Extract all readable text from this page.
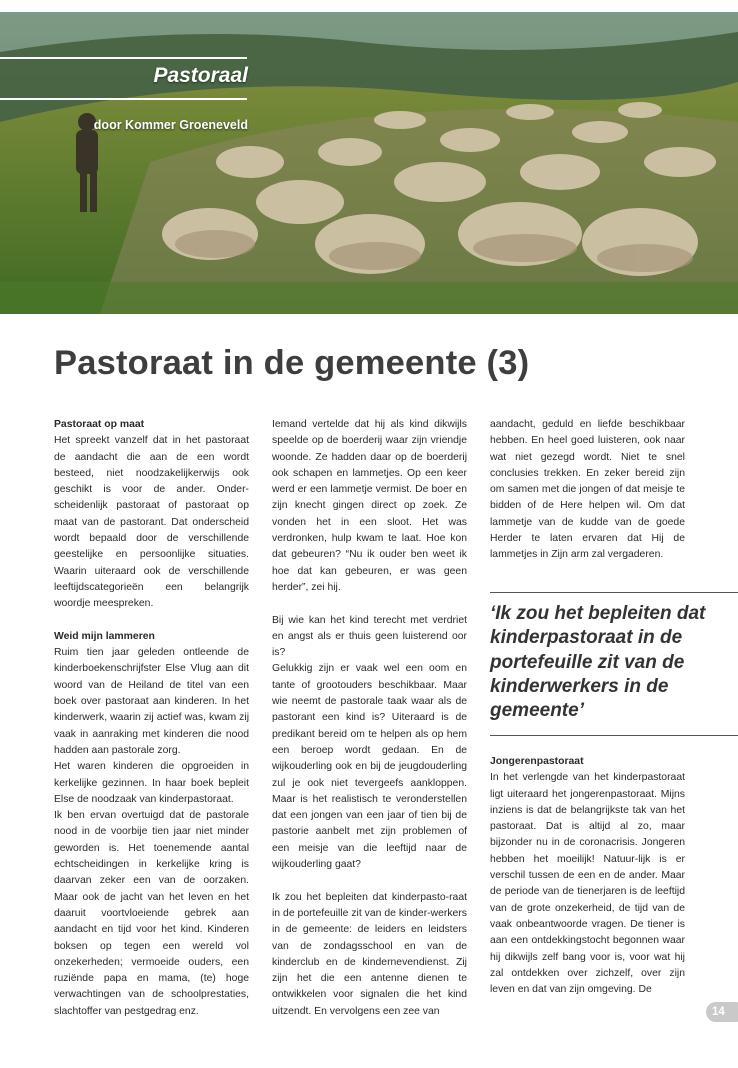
Pastoraal
door Kommer Groeneveld
Pastoraat in de gemeente (3)

Pastoraat op maat

Het spreekt vanzelf dat in het pastoraat de aandacht die aan de een wordt besteed, niet noodzakelijkerwijs ook geschikt is voor de ander. Onder-scheidenlijk pastoraat of pastoraat op maat van de pastorant. Dat onderscheid wordt bepaald door de verschillende geestelijke en persoonlijke situaties. Waarin uiteraard ook de verschillende leeftijdscategorieën een belangrijk woordje meespreken.

Weid mijn lammeren

Ruim tien jaar geleden ontleende de kinderboekenschrijfster Else Vlug aan dit woord van de Heiland de titel van een boek over pastoraat aan kinderen. In het kinderwerk, waarin zij actief was, kwam zij vaak in aanraking met kinderen die nood hadden aan pastorale zorg.

Het waren kinderen die opgroeiden in kerkelijke gezinnen. In haar boek bepleit Else de noodzaak van kinderpastoraat.

Ik ben ervan overtuigd dat de pastorale nood in de voorbije tien jaar niet minder geworden is. Het toenemende aantal echtscheidingen in kerkelijke kring is daarvan zeker een van de oorzaken. Maar ook de jacht van het leven en het daaruit voortvloeiende gebrek aan aandacht en tijd voor het kind. Kinderen boksen op tegen een wereld vol onzekerheden; vermoeide ouders, een ruziënde papa en mama, (te) hoge verwachtingen van de schoolprestaties, slachtoffer van pestgedrag enz.

Iemand vertelde dat hij als kind dikwijls speelde op de boerderij waar zijn vriendje woonde. Ze hadden daar op de boerderij ook schapen en lammetjes. Op een keer werd er een lammetje vermist. De boer en zijn knecht gingen direct op zoek. Ze vonden het in een sloot. Het was verdronken, hulp kwam te laat. Hoe kon dat gebeuren? “Nu ik ouder ben weet ik hoe dat kan gebeuren, er was geen herder”, zei hij.

Bij wie kan het kind terecht met verdriet en angst als er thuis geen luisterend oor is?

Gelukkig zijn er vaak wel een oom en tante of grootouders beschikbaar. Maar wie neemt de pastorale taak waar als de pastorant een kind is? Uiteraard is de predikant bereid om te helpen als op hem een beroep wordt gedaan. En de wijkouderling ook en bij de jeugdouderling zul je ook niet tevergeefs aankloppen. Maar is het realistisch te veronderstellen dat een jongen van een jaar of tien bij de pastorie aanbelt met zijn problemen of een meisje van die leeftijd naar de wijkouderling gaat?

Ik zou het bepleiten dat kinderpasto-raat in de portefeuille zit van de kinder-werkers in de gemeente: de leiders en leidsters van de zondagsschool en van de kinderclub en de kindernevendienst. Zij zijn het die een antenne dienen te ontwikkelen voor signalen die het kind uitzendt. En vervolgens een zee van

aandacht, geduld en liefde beschikbaar hebben. En heel goed luisteren, ook naar wat niet gezegd wordt. Niet te snel conclusies trekken. En zeker bereid zijn om samen met die jongen of dat meisje te bidden of de Here helpen wil. Om dat lammetje van de kudde van de goede Herder te laten ervaren dat Hij de lammetjes in Zijn arm zal vergaderen.

‘Ik zou het bepleiten dat kinderpastoraat in de portefeuille zit van de kinderwerkers in de gemeente’

Jongerenpastoraat

In het verlengde van het kinderpastoraat ligt uiteraard het jongerenpastoraat. Mijns inziens is dat de belangrijkste tak van het pastoraat. Dat is altijd al zo, maar bijzonder nu in de coronacrisis. Jongeren hebben het moeilijk! Natuur-lijk is er verschil tussen de een en de ander. Maar de periode van de tienerjaren is de leeftijd van de grote onzekerheid, de tijd van de vaak onbeantwoorde vragen. De tiener is aan een ontdekkingstocht begonnen waar hij dikwijls zelf bang voor is, voor wat hij zal ontdekken over zichzelf, over zijn leven en dat van zijn omgeving. De

14
